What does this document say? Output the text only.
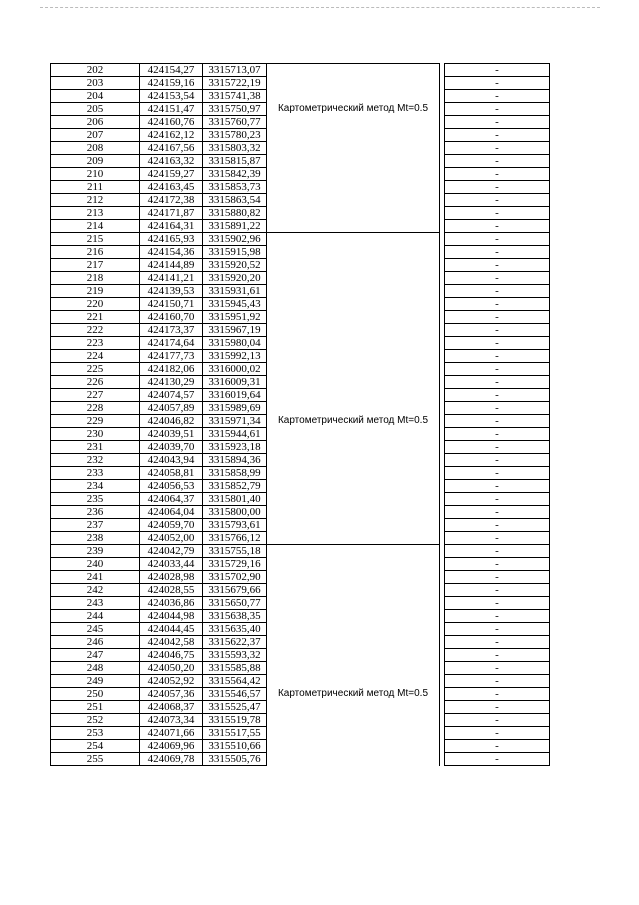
202	424154,27	3315713,07			-
203	424159,16	3315722,19			-
204	424153,54	3315741,38			-
205	424151,47	3315750,97	Картометрический метод Mt=0.5		-
206	424160,76	3315760,77			-
207	424162,12	3315780,23			-
208	424167,56	3315803,32			-
209	424163,32	3315815,87			-
210	424159,27	3315842,39			-
211	424163,45	3315853,73			-
212	424172,38	3315863,54			-
213	424171,87	3315880,82			-
214	424164,31	3315891,22			-
215	424165,93	3315902,96			-
216	424154,36	3315915,98			-
217	424144,89	3315920,52			-
218	424141,21	3315920,20			-
219	424139,53	3315931,61			-
220	424150,71	3315945,43			-
221	424160,70	3315951,92			-
222	424173,37	3315967,19			-
223	424174,64	3315980,04			-
224	424177,73	3315992,13			-
225	424182,06	3316000,02			-
226	424130,29	3316009,31			-
227	424074,57	3316019,64			-
228	424057,89	3315989,69			-
229	424046,82	3315971,34	Картометрический метод Mt=0.5		-
230	424039,51	3315944,61			-
231	424039,70	3315923,18			-
232	424043,94	3315894,36			-
233	424058,81	3315858,99			-
234	424056,53	3315852,79			-
235	424064,37	3315801,40			-
236	424064,04	3315800,00			-
237	424059,70	3315793,61			-
238	424052,00	3315766,12			-
239	424042,79	3315755,18			-
240	424033,44	3315729,16			-
241	424028,98	3315702,90			-
242	424028,55	3315679,66			-
243	424036,86	3315650,77			-
244	424044,98	3315638,35			-
245	424044,45	3315635,40			-
246	424042,58	3315622,37			-
247	424046,75	3315593,32			-
248	424050,20	3315585,88			-
249	424052,92	3315564,42			-
250	424057,36	3315546,57	Картометрический метод Mt=0.5		-
251	424068,37	3315525,47			-
252	424073,34	3315519,78			-
253	424071,66	3315517,55			-
254	424069,96	3315510,66			-
255	424069,78	3315505,76			-
